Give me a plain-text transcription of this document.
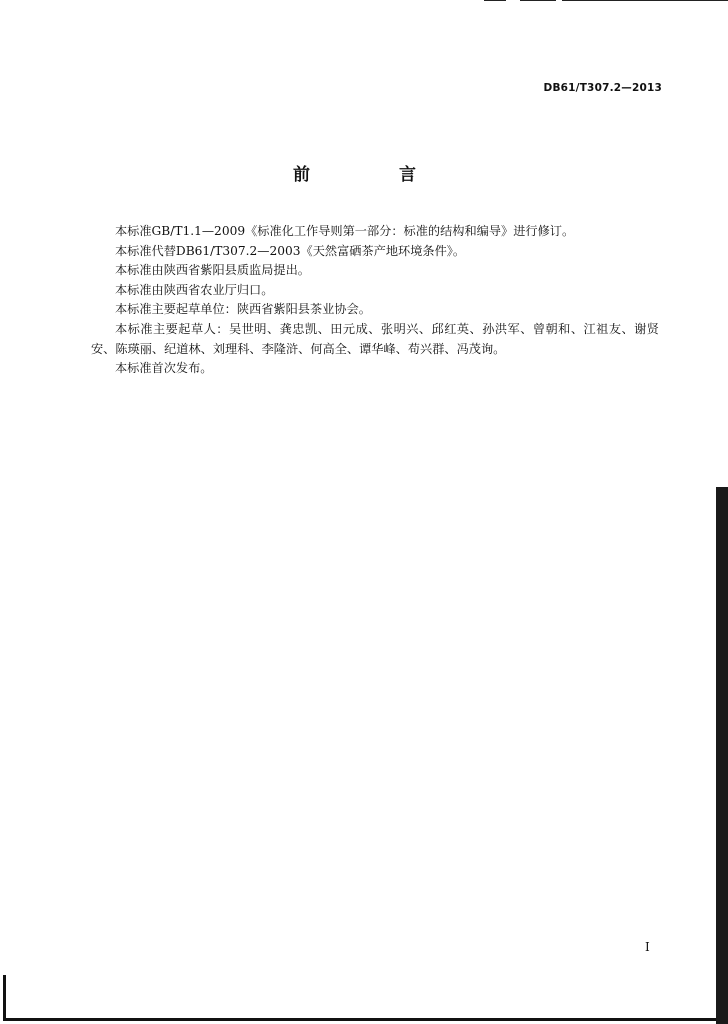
DB61/T307.2—2013
前　言

本标准GB/T1.1—2009《标准化工作导则第一部分：标准的结构和编导》进行修订。

本标准代替DB61/T307.2—2003《天然富硒茶产地环境条件》。

本标准由陕西省紫阳县质监局提出。

本标准由陕西省农业厅归口。

本标准主要起草单位：陕西省紫阳县茶业协会。

本标准主要起草人：吴世明、龚忠凯、田元成、张明兴、邱红英、孙洪军、曾朝和、江祖友、谢贤安、陈瑛丽、纪道林、刘理科、李隆浒、何高全、谭华峰、苟兴群、冯茂询。

本标准首次发布。

I
